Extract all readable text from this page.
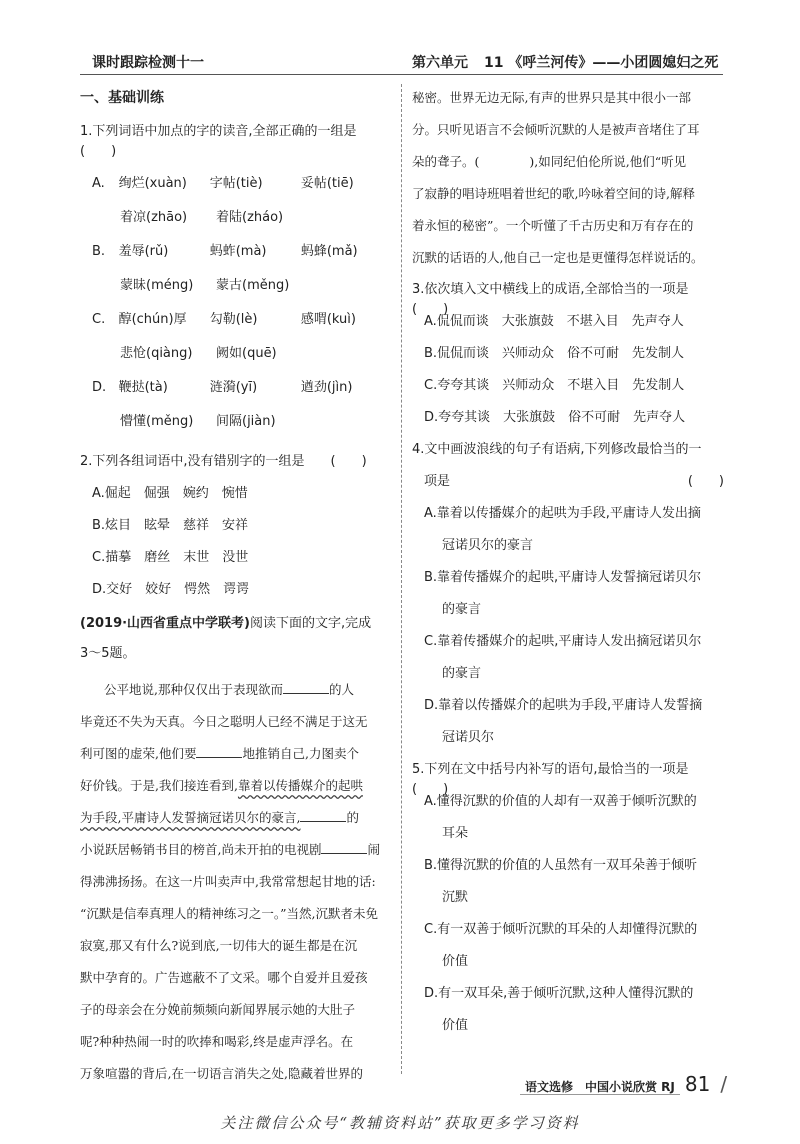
课时跟踪检测十一	第六单元 11 《呼兰河传》——小团圆媳妇之死
一、基础训练
1.下列词语中加点的字的读音,全部正确的一组是 (　　)
A.	绚烂(xuàn)	字帖(tiè)	妥帖(tiē)
着凉(zhāo)	着陆(zháo)
B.	羞辱(rǔ)	蚂蚱(mà)	蚂蜂(mǎ)
蒙昧(méng)	蒙古(měng)
C.	醇(chún)厚	勾勒(lè)	感喟(kuì)
悲怆(qiàng)	阙如(quē)
D. 鞭挞(tà)	涟漪(yī)	遒劲(jìn)
懵懂(měng)	间隔(jiàn)
2.下列各组词语中,没有错别字的一组是　　(　　)
A.倔起　倔强　婉约　惋惜
B.炫目　眩晕　慈祥　安祥
C.描摹　磨丝　末世　没世
D.交好　姣好　愕然　谔谔
(2019·山西省重点中学联考)阅读下面的文字,完成
3～5题。
公平地说,那种仅仅出于表现欲而	的人
毕竟还不失为天真。今日之聪明人已经不满足于这无
利可图的虚荣,他们要	地推销自己,力图卖个
好价钱。于是,我们接连看到,靠着以传播媒介的起哄
为手段,平庸诗人发誓摘冠诺贝尔的豪言,	的
小说跃居畅销书目的榜首,尚未开拍的电视剧	闹
得沸沸扬扬。在这一片叫卖声中,我常常想起甘地的话:
“沉默是信奉真理人的精神练习之一。”当然,沉默者未免
寂寞,那又有什么?说到底,一切伟大的诞生都是在沉
默中孕育的。广告遮蔽不了文采。哪个自爱并且爱孩
子的母亲会在分娩前频频向新闻界展示她的大肚子
呢?种种热闹一时的吹捧和喝彩,终是虚声浮名。在
万象喧嚣的背后,在一切语言消失之处,隐藏着世界的
秘密。世界无边无际,有声的世界只是其中很小一部
分。只听见语言不会倾听沉默的人是被声音堵住了耳
朵的聋子。(　　　　),如同纪伯伦所说,他们“听见
了寂静的唱诗班唱着世纪的歌,吟咏着空间的诗,解释
着永恒的秘密”。一个听懂了千古历史和万有存在的
沉默的话语的人,他自己一定也是更懂得怎样说话的。
3.依次填入文中横线上的成语,全部恰当的一项是(　　)
A.侃侃而谈　大张旗鼓　不堪入目　先声夺人
B.侃侃而谈　兴师动众　俗不可耐　先发制人
C.夸夸其谈　兴师动众　不堪入目　先发制人
D.夸夸其谈　大张旗鼓　俗不可耐　先声夺人
4.文中画波浪线的句子有语病,下列修改最恰当的一
项是	(　　)
A.靠着以传播媒介的起哄为手段,平庸诗人发出摘
冠诺贝尔的豪言
B.靠着传播媒介的起哄,平庸诗人发誓摘冠诺贝尔
的豪言
C.靠着传播媒介的起哄,平庸诗人发出摘冠诺贝尔
的豪言
D.靠着以传播媒介的起哄为手段,平庸诗人发誓摘
冠诺贝尔
5.下列在文中括号内补写的语句,最恰当的一项是(　　)
A.懂得沉默的价值的人却有一双善于倾听沉默的
耳朵
B.懂得沉默的价值的人虽然有一双耳朵善于倾听
沉默
C.有一双善于倾听沉默的耳朵的人却懂得沉默的
价值
D.有一双耳朵,善于倾听沉默,这种人懂得沉默的
价值
语文选修　中国小说欣赏 RJ 81 /
关注微信公众号“教辅资料站”获取更多学习资料
